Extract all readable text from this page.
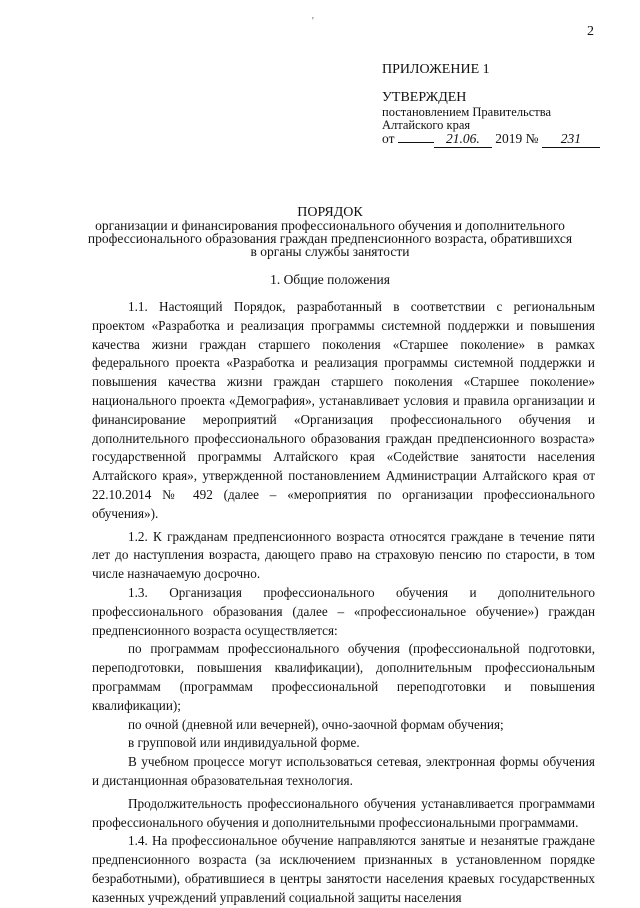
'
2
ПРИЛОЖЕНИЕ 1
УТВЕРЖДЕН
постановлением Правительства
Алтайского края
от	21.06. 2019 № 231
ПОРЯДОК
организации и финансирования профессионального обучения и дополнительного
профессионального образования граждан предпенсионного возраста, обратившихся
в органы службы занятости
1. Общие положения

1.1. Настоящий Порядок, разработанный в соответствии с региональным проектом «Разработка и реализация программы системной поддержки и повышения качества жизни граждан старшего поколения «Старшее поколение» в рамках федерального проекта «Разработка и реализация программы системной поддержки и повышения качества жизни граждан старшего поколения «Старшее поколение» национального проекта «Демография», устанавливает условия и правила организации и финансирование мероприятий «Организация профессионального обучения и дополнительного профессионального образования граждан предпенсионного возраста» государственной программы Алтайского края «Содействие занятости населения Алтайского края», утвержденной постановлением Администрации Алтайского края от 22.10.2014 № 492 (далее – «мероприятия по организации профессионального обучения»).

1.2. К гражданам предпенсионного возраста относятся граждане в течение пяти лет до наступления возраста, дающего право на страховую пенсию по старости, в том числе назначаемую досрочно.

1.3. Организация профессионального обучения и дополнительного профессионального образования (далее – «профессиональное обучение») граждан предпенсионного возраста осуществляется:

по программам профессионального обучения (профессиональной подготовки, переподготовки, повышения квалификации), дополнительным профессиональным программам (программам профессиональной переподготовки и повышения квалификации);

по очной (дневной или вечерней), очно-заочной формам обучения;

в групповой или индивидуальной форме.

В учебном процессе могут использоваться сетевая, электронная формы обучения и дистанционная образовательная технология.

Продолжительность профессионального обучения устанавливается программами профессионального обучения и дополнительными профессиональными программами.

1.4. На профессиональное обучение направляются занятые и незанятые граждане предпенсионного возраста (за исключением признанных в установленном порядке безработными), обратившиеся в центры занятости населения краевых государственных казенных учреждений управлений социальной защиты населения
